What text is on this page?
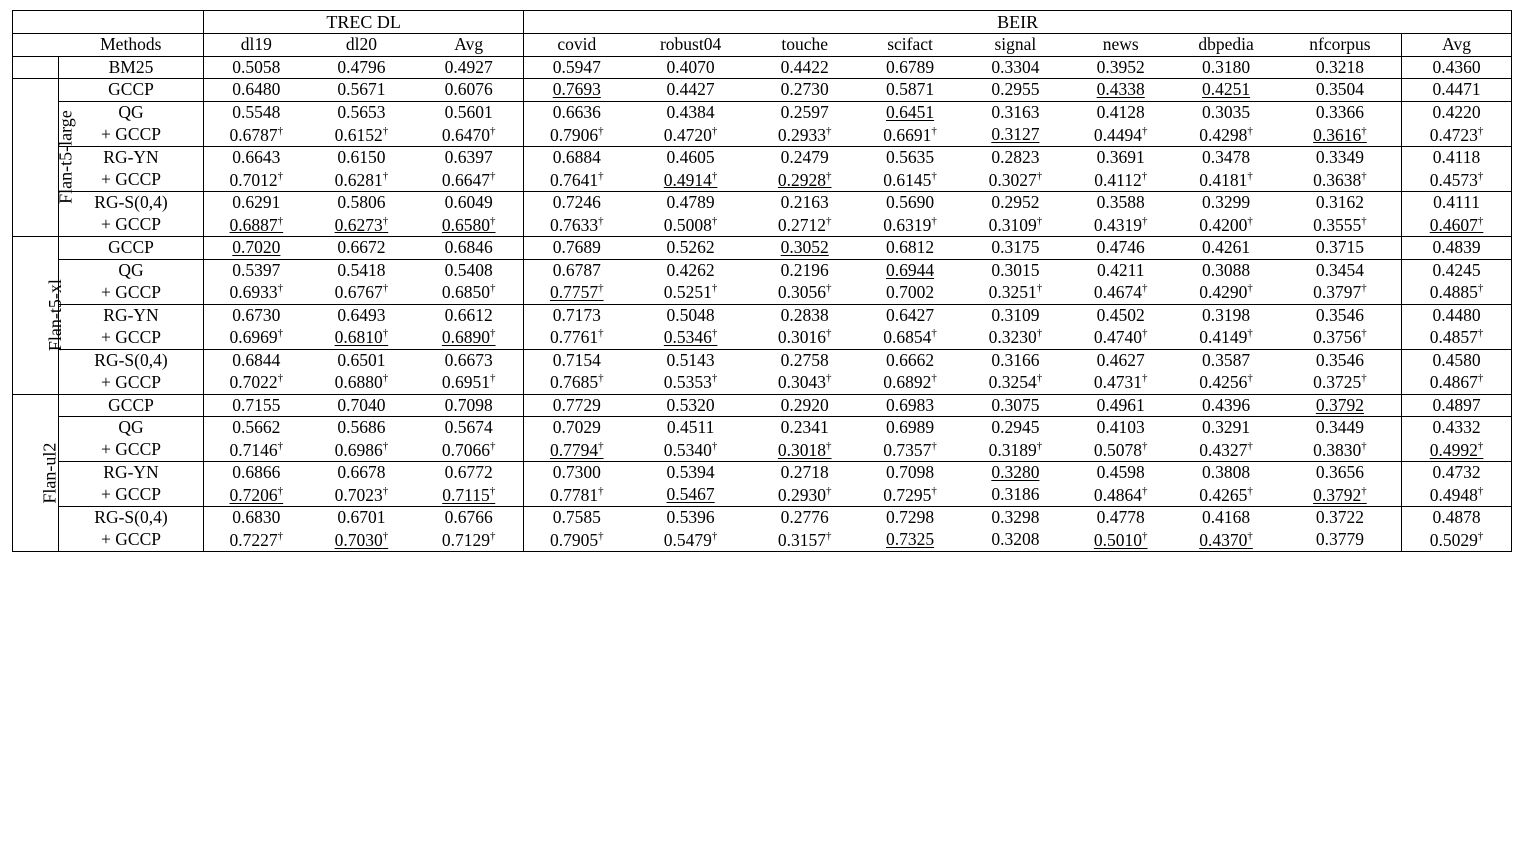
		TREC DL			BEIR								
	Methods	dl19	dl20	Avg	covid	robust04	touche	scifact	signal	news	dbpedia	nfcorpus	Avg
	BM25	0.5058	0.4796	0.4927	0.5947	0.4070	0.4422	0.6789	0.3304	0.3952	0.3180	0.3218	0.4360
Flan-t5-large	GCCP	0.6480	0.5671	0.6076	0.7693	0.4427	0.2730	0.5871	0.2955	0.4338	0.4251	0.3504	0.4471
	QG	0.5548	0.5653	0.5601	0.6636	0.4384	0.2597	0.6451	0.3163	0.4128	0.3035	0.3366	0.4220
	+ GCCP	0.6787†	0.6152†	0.6470†	0.7906†	0.4720†	0.2933†	0.6691†	0.3127	0.4494†	0.4298†	0.3616†	0.4723†
	RG-YN	0.6643	0.6150	0.6397	0.6884	0.4605	0.2479	0.5635	0.2823	0.3691	0.3478	0.3349	0.4118
	+ GCCP	0.7012†	0.6281†	0.6647†	0.7641†	0.4914†	0.2928†	0.6145†	0.3027†	0.4112†	0.4181†	0.3638†	0.4573†
	RG-S(0,4)	0.6291	0.5806	0.6049	0.7246	0.4789	0.2163	0.5690	0.2952	0.3588	0.3299	0.3162	0.4111
	+ GCCP	0.6887†	0.6273†	0.6580†	0.7633†	0.5008†	0.2712†	0.6319†	0.3109†	0.4319†	0.4200†	0.3555†	0.4607†
Flan-t5-xl	GCCP	0.7020	0.6672	0.6846	0.7689	0.5262	0.3052	0.6812	0.3175	0.4746	0.4261	0.3715	0.4839
	QG	0.5397	0.5418	0.5408	0.6787	0.4262	0.2196	0.6944	0.3015	0.4211	0.3088	0.3454	0.4245
	+ GCCP	0.6933†	0.6767†	0.6850†	0.7757†	0.5251†	0.3056†	0.7002	0.3251†	0.4674†	0.4290†	0.3797†	0.4885†
	RG-YN	0.6730	0.6493	0.6612	0.7173	0.5048	0.2838	0.6427	0.3109	0.4502	0.3198	0.3546	0.4480
	+ GCCP	0.6969†	0.6810†	0.6890†	0.7761†	0.5346†	0.3016†	0.6854†	0.3230†	0.4740†	0.4149†	0.3756†	0.4857†
	RG-S(0,4)	0.6844	0.6501	0.6673	0.7154	0.5143	0.2758	0.6662	0.3166	0.4627	0.3587	0.3546	0.4580
	+ GCCP	0.7022†	0.6880†	0.6951†	0.7685†	0.5353†	0.3043†	0.6892†	0.3254†	0.4731†	0.4256†	0.3725†	0.4867†
Flan-ul2	GCCP	0.7155	0.7040	0.7098	0.7729	0.5320	0.2920	0.6983	0.3075	0.4961	0.4396	0.3792	0.4897
	QG	0.5662	0.5686	0.5674	0.7029	0.4511	0.2341	0.6989	0.2945	0.4103	0.3291	0.3449	0.4332
	+ GCCP	0.7146†	0.6986†	0.7066†	0.7794†	0.5340†	0.3018†	0.7357†	0.3189†	0.5078†	0.4327†	0.3830†	0.4992†
	RG-YN	0.6866	0.6678	0.6772	0.7300	0.5394	0.2718	0.7098	0.3280	0.4598	0.3808	0.3656	0.4732
	+ GCCP	0.7206†	0.7023†	0.7115†	0.7781†	0.5467	0.2930†	0.7295†	0.3186	0.4864†	0.4265†	0.3792†	0.4948†
	RG-S(0,4)	0.6830	0.6701	0.6766	0.7585	0.5396	0.2776	0.7298	0.3298	0.4778	0.4168	0.3722	0.4878
	+ GCCP	0.7227†	0.7030†	0.7129†	0.7905†	0.5479†	0.3157†	0.7325	0.3208	0.5010†	0.4370†	0.3779	0.5029†
